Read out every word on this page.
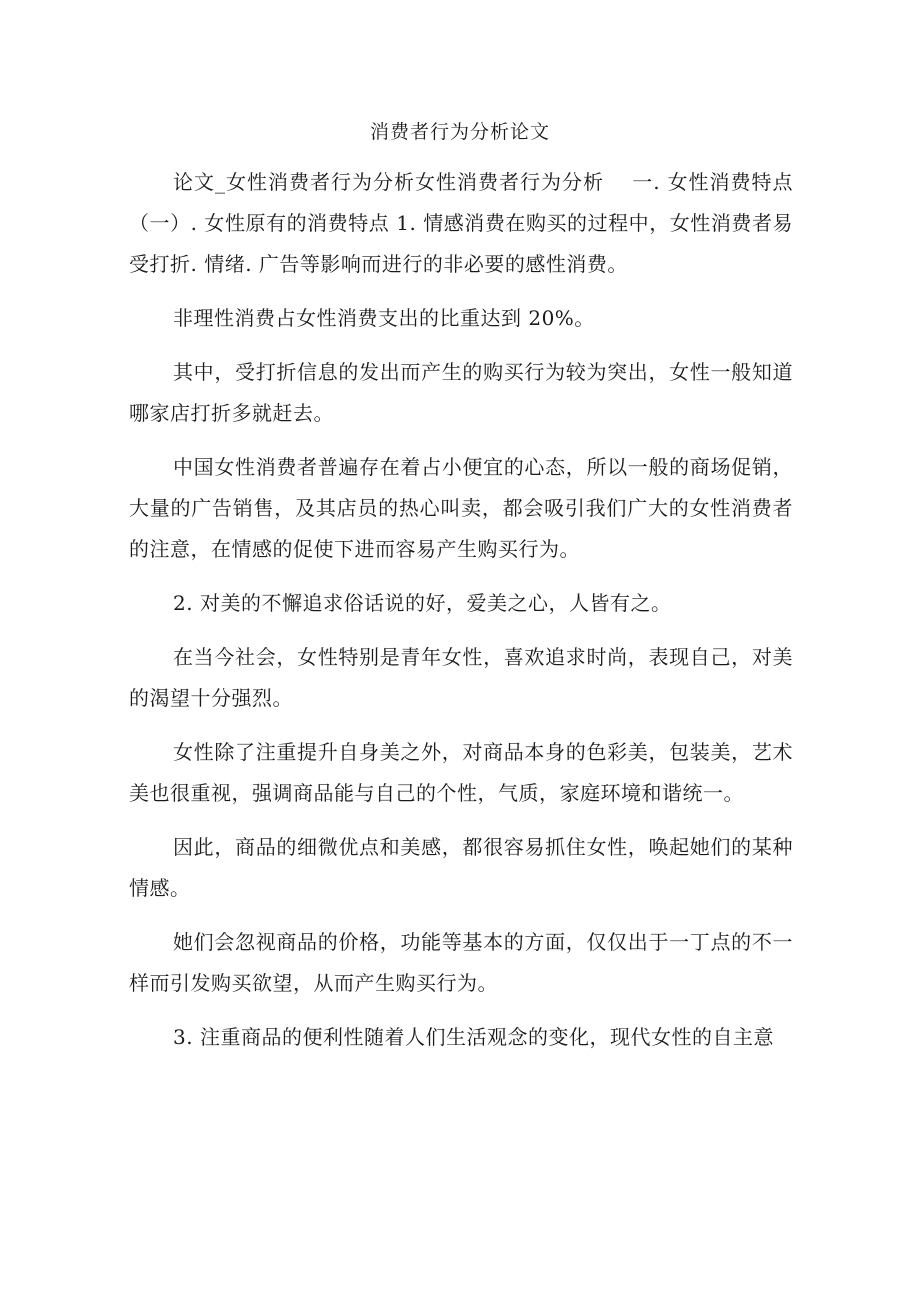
消费者行为分析论文

论文_女性消费者行为分析女性消费者行为分析　 一. 女性消费特点（一）. 女性原有的消费特点 1. 情感消费在购买的过程中，女性消费者易受打折. 情绪. 广告等影响而进行的非必要的感性消费。

非理性消费占女性消费支出的比重达到 20%。

其中，受打折信息的发出而产生的购买行为较为突出，女性一般知道哪家店打折多就赶去。

中国女性消费者普遍存在着占小便宜的心态，所以一般的商场促销，大量的广告销售，及其店员的热心叫卖，都会吸引我们广大的女性消费者的注意，在情感的促使下进而容易产生购买行为。

2. 对美的不懈追求俗话说的好，爱美之心，人皆有之。

在当今社会，女性特别是青年女性，喜欢追求时尚，表现自己，对美的渴望十分强烈。

女性除了注重提升自身美之外，对商品本身的色彩美，包装美，艺术美也很重视，强调商品能与自己的个性，气质，家庭环境和谐统一。

因此，商品的细微优点和美感，都很容易抓住女性，唤起她们的某种情感。

她们会忽视商品的价格，功能等基本的方面，仅仅出于一丁点的不一样而引发购买欲望，从而产生购买行为。

3. 注重商品的便利性随着人们生活观念的变化，现代女性的自主意
